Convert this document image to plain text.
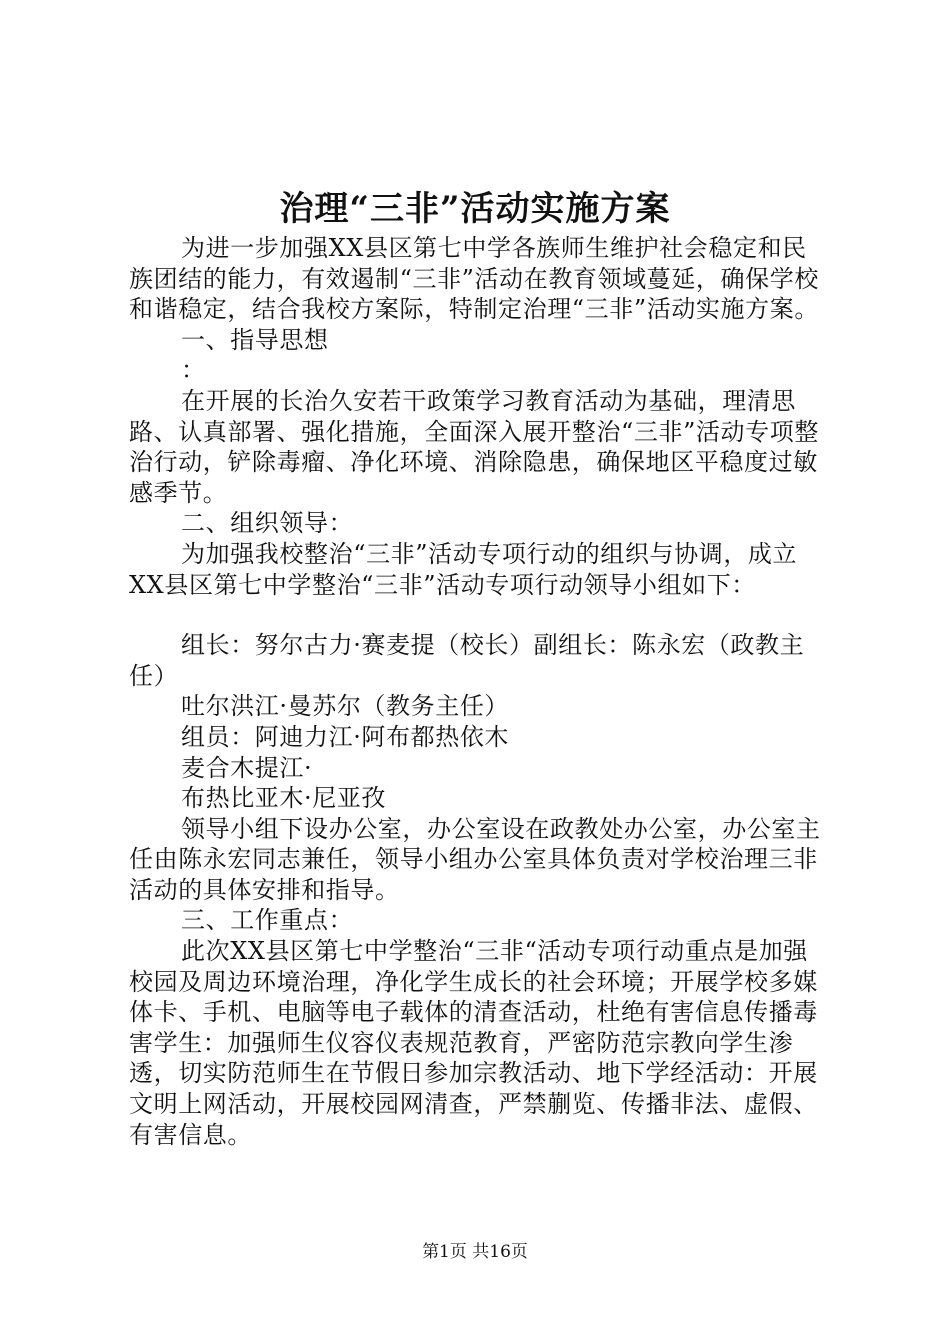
治理“三非”活动实施方案

为进一步加强XX县区第七中学各族师生维护社会稳定和民族团结的能力，有效遏制“三非”活动在教育领域蔓延，确保学校和谐稳定，结合我校方案际，特制定治理“三非”活动实施方案。

一、指导思想

：

在开展的长治久安若干政策学习教育活动为基础，理清思路、认真部署、强化措施，全面深入展开整治“三非”活动专项整治行动，铲除毒瘤、净化环境、消除隐患，确保地区平稳度过敏感季节。

二、组织领导：

为加强我校整治“三非”活动专项行动的组织与协调，成立XX县区第七中学整治“三非”活动专项行动领导小组如下：

组长：努尔古力·赛麦提（校长）副组长：陈永宏（政教主任）

吐尔洪江·曼苏尔（教务主任）

组员：阿迪力江·阿布都热依木

麦合木提江·

布热比亚木·尼亚孜

领导小组下设办公室，办公室设在政教处办公室，办公室主任由陈永宏同志兼任，领导小组办公室具体负责对学校治理三非活动的具体安排和指导。

三、工作重点：

此次XX县区第七中学整治“三非“活动专项行动重点是加强校园及周边环境治理，净化学生成长的社会环境；开展学校多媒体卡、手机、电脑等电子载体的清查活动，杜绝有害信息传播毒害学生：加强师生仪容仪表规范教育，严密防范宗教向学生渗透，切实防范师生在节假日参加宗教活动、地下学经活动：开展文明上网活动，开展校园网清查，严禁蒯览、传播非法、虚假、有害信息。

第1页 共16页
